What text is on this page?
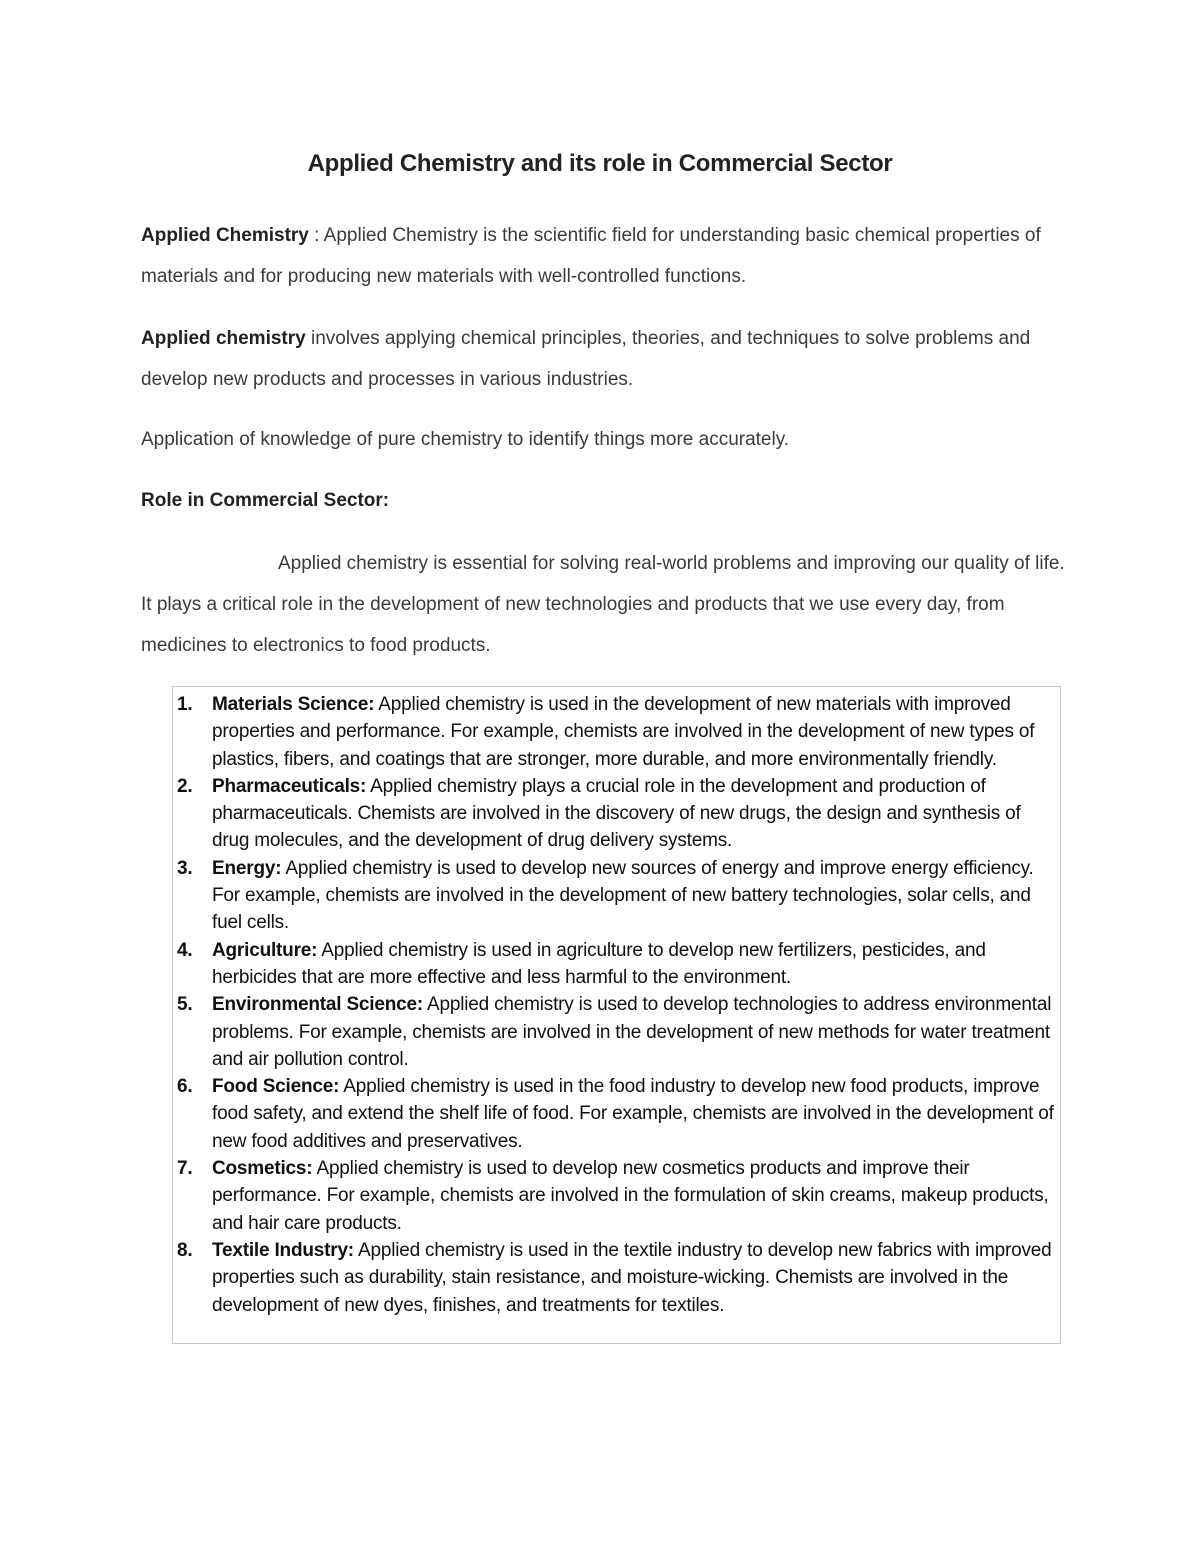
Applied Chemistry and its role in Commercial Sector

Applied Chemistry : Applied Chemistry is the scientific field for understanding basic chemical properties of materials and for producing new materials with well-controlled functions.

Applied chemistry involves applying chemical principles, theories, and techniques to solve problems and develop new products and processes in various industries.

Application of knowledge of pure chemistry to identify things more accurately.

Role in Commercial Sector:

Applied chemistry is essential for solving real-world problems and improving our quality of life. It plays a critical role in the development of new technologies and products that we use every day, from medicines to electronics to food products.

1. Materials Science: Applied chemistry is used in the development of new materials with improved properties and performance. For example, chemists are involved in the development of new types of plastics, fibers, and coatings that are stronger, more durable, and more environmentally friendly.
2. Pharmaceuticals: Applied chemistry plays a crucial role in the development and production of pharmaceuticals. Chemists are involved in the discovery of new drugs, the design and synthesis of drug molecules, and the development of drug delivery systems.
3. Energy: Applied chemistry is used to develop new sources of energy and improve energy efficiency. For example, chemists are involved in the development of new battery technologies, solar cells, and fuel cells.
4. Agriculture: Applied chemistry is used in agriculture to develop new fertilizers, pesticides, and herbicides that are more effective and less harmful to the environment.
5. Environmental Science: Applied chemistry is used to develop technologies to address environmental problems. For example, chemists are involved in the development of new methods for water treatment and air pollution control.
6. Food Science: Applied chemistry is used in the food industry to develop new food products, improve food safety, and extend the shelf life of food. For example, chemists are involved in the development of new food additives and preservatives.
7. Cosmetics: Applied chemistry is used to develop new cosmetics products and improve their performance. For example, chemists are involved in the formulation of skin creams, makeup products, and hair care products.
8. Textile Industry: Applied chemistry is used in the textile industry to develop new fabrics with improved properties such as durability, stain resistance, and moisture-wicking. Chemists are involved in the development of new dyes, finishes, and treatments for textiles.
